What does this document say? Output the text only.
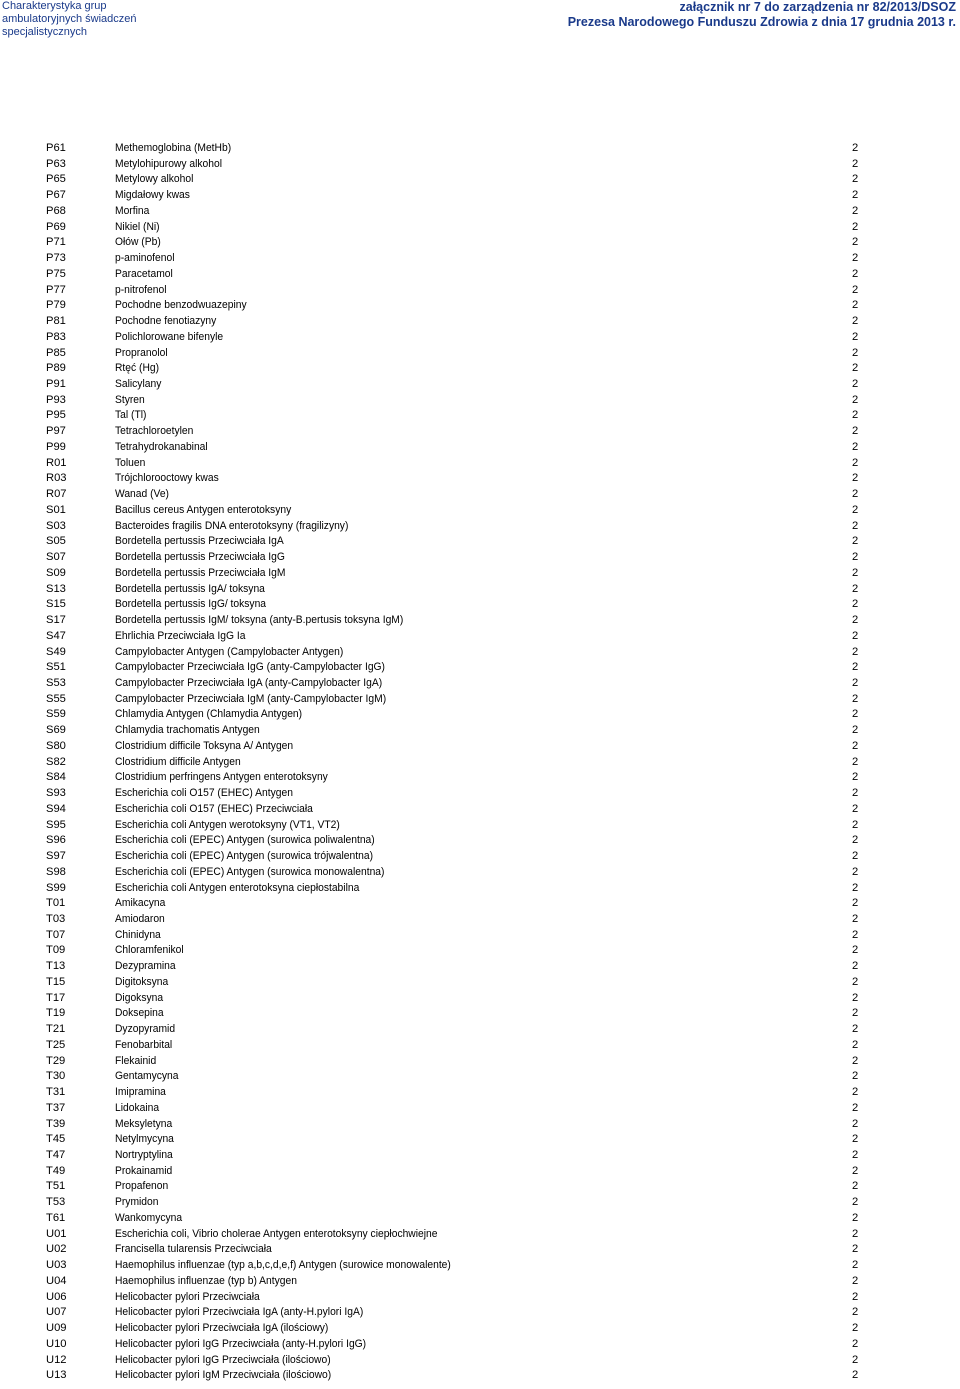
Charakterystyka grup
ambulatoryjnych świadczeń
specjalistycznych
załącznik nr 7 do zarządzenia nr 82/2013/DSOZ
Prezesa Narodowego Funduszu Zdrowia z dnia 17 grudnia 2013 r.
P61	Methemoglobina (MetHb)	2
P63	Metylohipurowy alkohol	2
P65	Metylowy alkohol	2
P67	Migdałowy kwas	2
P68	Morfina	2
P69	Nikiel (Ni)	2
P71	Ołów (Pb)	2
P73	p-aminofenol	2
P75	Paracetamol	2
P77	p-nitrofenol	2
P79	Pochodne benzodwuazepiny	2
P81	Pochodne fenotiazyny	2
P83	Polichlorowane bifenyle	2
P85	Propranolol	2
P89	Rtęć (Hg)	2
P91	Salicylany	2
P93	Styren	2
P95	Tal (Tl)	2
P97	Tetrachloroetylen	2
P99	Tetrahydrokanabinal	2
R01	Toluen	2
R03	Trójchlorooctowy kwas	2
R07	Wanad (Ve)	2
S01	Bacillus cereus Antygen enterotoksyny	2
S03	Bacteroides fragilis DNA enterotoksyny (fragilizyny)	2
S05	Bordetella pertussis Przeciwciała IgA	2
S07	Bordetella pertussis Przeciwciała IgG	2
S09	Bordetella pertussis Przeciwciała IgM	2
S13	Bordetella pertussis IgA/ toksyna	2
S15	Bordetella pertussis IgG/ toksyna	2
S17	Bordetella pertussis IgM/ toksyna (anty-B.pertusis toksyna IgM)	2
S47	Ehrlichia Przeciwciała IgG Ia	2
S49	Campylobacter Antygen (Campylobacter Antygen)	2
S51	Campylobacter Przeciwciała IgG (anty-Campylobacter IgG)	2
S53	Campylobacter Przeciwciała IgA (anty-Campylobacter IgA)	2
S55	Campylobacter Przeciwciała IgM (anty-Campylobacter IgM)	2
S59	Chlamydia Antygen (Chlamydia Antygen)	2
S69	Chlamydia trachomatis Antygen	2
S80	Clostridium difficile Toksyna A/ Antygen	2
S82	Clostridium difficile Antygen	2
S84	Clostridium perfringens Antygen enterotoksyny	2
S93	Escherichia coli O157 (EHEC) Antygen	2
S94	Escherichia coli O157 (EHEC) Przeciwciała	2
S95	Escherichia coli Antygen werotoksyny (VT1, VT2)	2
S96	Escherichia coli (EPEC) Antygen (surowica poliwalentna)	2
S97	Escherichia coli (EPEC) Antygen (surowica trójwalentna)	2
S98	Escherichia coli (EPEC) Antygen (surowica monowalentna)	2
S99	Escherichia coli Antygen enterotoksyna ciepłostabilna	2
T01	Amikacyna	2
T03	Amiodaron	2
T07	Chinidyna	2
T09	Chloramfenikol	2
T13	Dezypramina	2
T15	Digitoksyna	2
T17	Digoksyna	2
T19	Doksepina	2
T21	Dyzopyramid	2
T25	Fenobarbital	2
T29	Flekainid	2
T30	Gentamycyna	2
T31	Imipramina	2
T37	Lidokaina	2
T39	Meksyletyna	2
T45	Netylmycyna	2
T47	Nortryptylina	2
T49	Prokainamid	2
T51	Propafenon	2
T53	Prymidon	2
T61	Wankomycyna	2
U01	Escherichia coli, Vibrio cholerae Antygen enterotoksyny ciepłochwiejne	2
U02	Francisella tularensis Przeciwciała	2
U03	Haemophilus influenzae (typ a,b,c,d,e,f) Antygen (surowice monowalente)	2
U04	Haemophilus influenzae (typ b) Antygen	2
U06	Helicobacter pylori Przeciwciała	2
U07	Helicobacter pylori Przeciwciała IgA (anty-H.pylori IgA)	2
U09	Helicobacter pylori Przeciwciała IgA (ilościowy)	2
U10	Helicobacter pylori IgG Przeciwciała (anty-H.pylori IgG)	2
U12	Helicobacter pylori IgG Przeciwciała (ilościowo)	2
U13	Helicobacter pylori IgM Przeciwciała (ilościowo)	2
